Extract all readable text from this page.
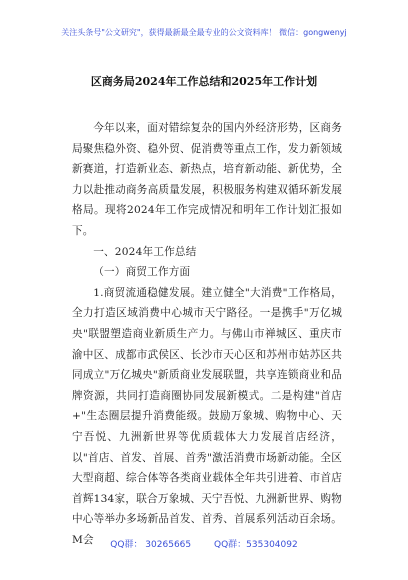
关注头条号"公文研究"，获得最新最全最专业的公文资料库！ 微信：gongwenyj
区商务局2024年工作总结和2025年工作计划

今年以来，面对错综复杂的国内外经济形势，区商务局聚焦稳外资、稳外贸、促消费等重点工作，发力新领域新赛道，打造新业态、新热点，培育新动能、新优势，全力以赴推动商务高质量发展，积极服务构建双循环新发展格局。现将2024年工作完成情况和明年工作计划汇报如下。

一、2024年工作总结

（一）商贸工作方面

1.商贸流通稳健发展。建立健全"大消费"工作格局，全力打造区域消费中心城市天宁路径。一是携手"万亿城央"联盟塑造商业新质生产力。与佛山市禅城区、重庆市渝中区、成都市武侯区、长沙市天心区和苏州市姑苏区共同成立"万亿城央"新质商业发展联盟，共享连锁商业和品牌资源，共同打造商圈协同发展新模式。二是构建"首店+"生态圈层提升消费能级。鼓励万象城、购物中心、天宁吾悦、九洲新世界等优质载体大力发展首店经济，以"首店、首发、首展、首秀"激活消费市场新动能。全区大型商超、综合体等各类商业载体全年共引进着、市首店首辉134家，联合万象城、天宁吾悦、九洲新世界、购物中心等举办多场新品首发、首秀、首展系列活动百余场。M会	QQ群： 30265665	QQ群：535304092
